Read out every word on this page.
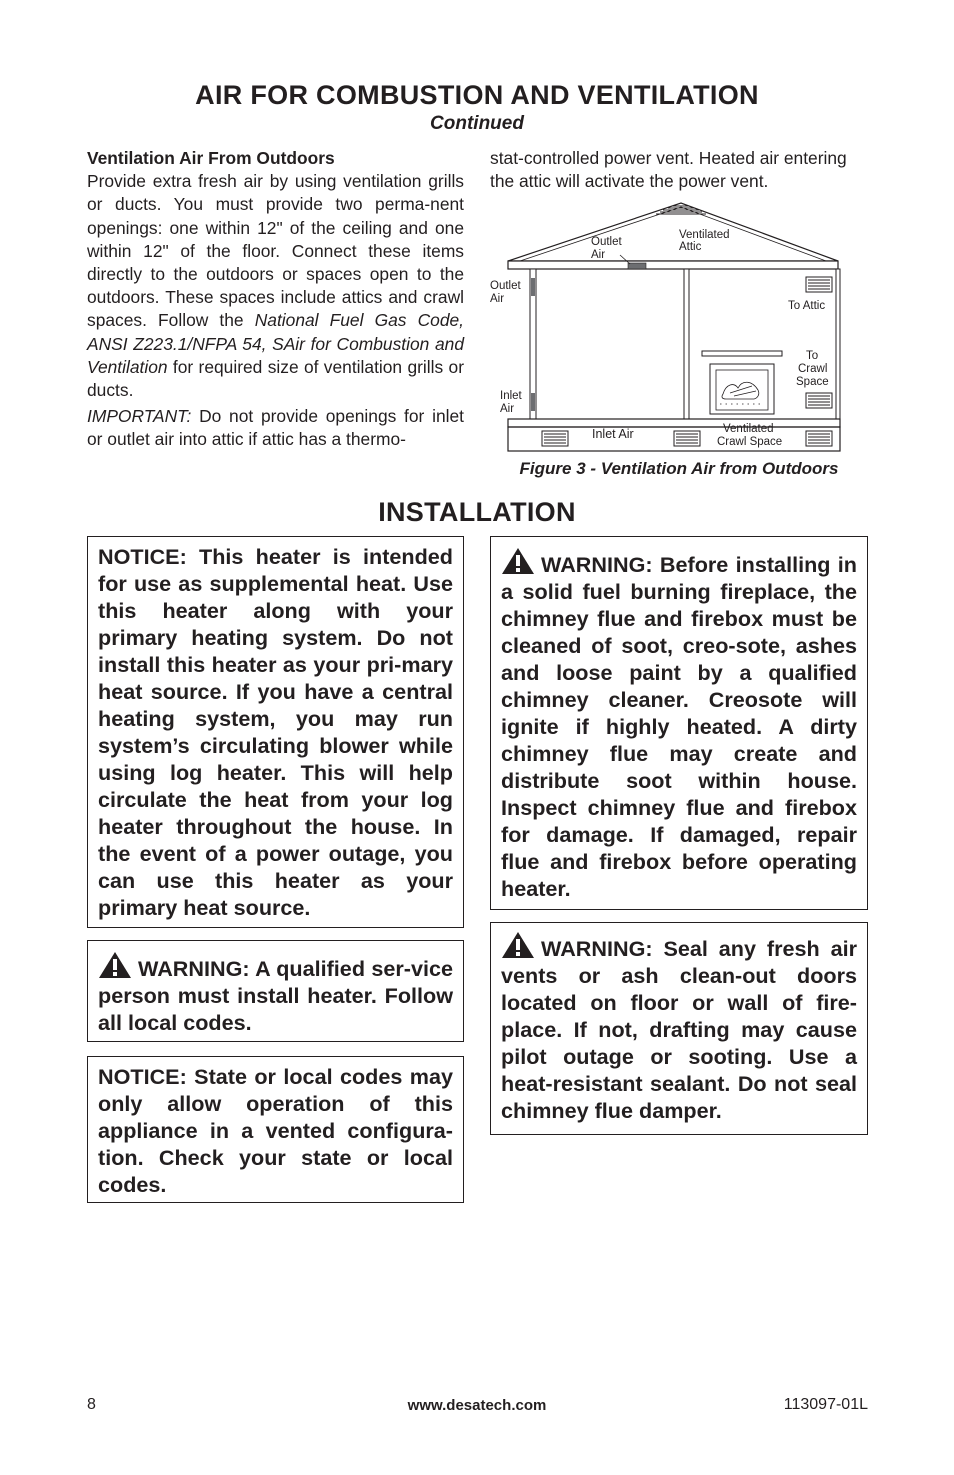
AIR FOR COMBUSTION AND VENTILATION
Continued
Ventilation Air From Outdoors

Provide extra fresh air by using ventilation grills or ducts. You must provide two perma-nent openings: one within 12" of the ceiling and one within 12" of the floor. Connect these items directly to the outdoors or spaces open to the outdoors. These spaces include attics and crawl spaces. Follow the National Fuel Gas Code, ANSI Z223.1/NFPA 54, SAir for Combustion and Ventilation for required size of ventilation grills or ducts.

IMPORTANT: Do not provide openings for inlet or outlet air into attic if attic has a thermo-

stat-controlled power vent. Heated air entering the attic will activate the power vent.

Outlet
Air
Ventilated
Attic
Outlet
Air
To Attic
To
Crawl
Space
Inlet
Air
Inlet Air	Ventilated
Crawl Space
Figure 3 - Ventilation Air from Outdoors
INSTALLATION
NOTICE: This heater is intended for use as supplemental heat. Use this heater along with your primary heating system. Do not install this heater as your pri-mary heat source. If you have a central heating system, you may run system’s circulating blower while using log heater. This will help circulate the heat from your log heater throughout the house. In the event of a power outage, you can use this heater as your primary heat source.
WARNING: A qualified ser-vice person must install heater. Follow all local codes.
NOTICE: State or local codes may only allow operation of this appliance in a vented configura-tion. Check your state or local codes.
WARNING: Before installing in a solid fuel burning fireplace, the chimney flue and firebox must be cleaned of soot, creo-sote, ashes and loose paint by a qualified chimney cleaner. Creosote will ignite if highly heated. A dirty chimney flue may create and distribute soot within house. Inspect chimney flue and firebox for damage. If damaged, repair flue and firebox before operating heater.
WARNING: Seal any fresh air vents or ash clean-out doors located on floor or wall of fire-place. If not, drafting may cause pilot outage or sooting. Use a heat-resistant sealant. Do not seal chimney flue damper.
8	www.desatech.com	113097-01L
